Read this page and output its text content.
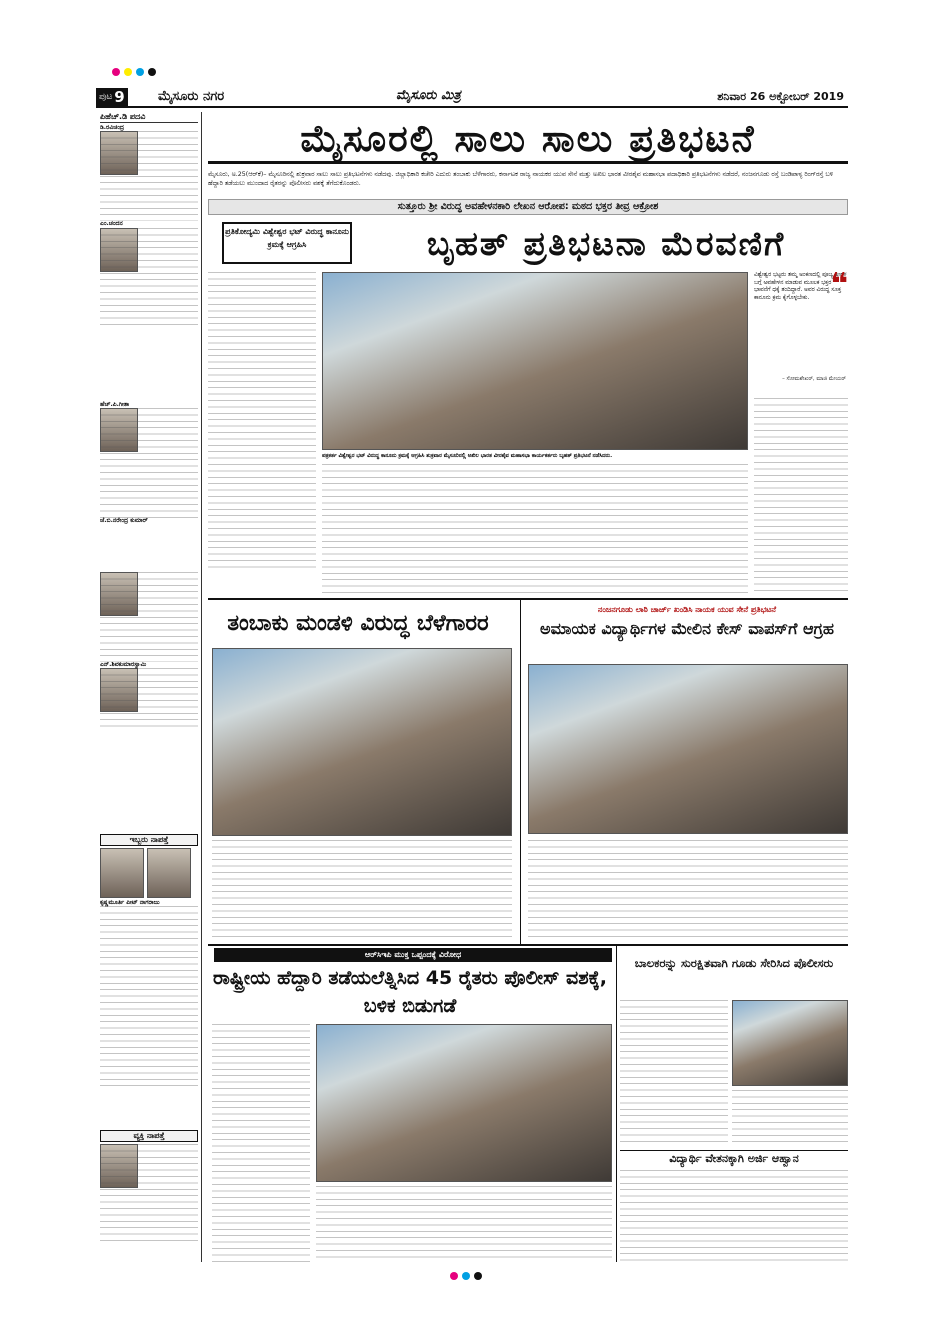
ಪುಟ 9	ಮೈಸೂರು ನಗರ	ಮೈಸೂರು ಮಿತ್ರ	ಶನಿವಾರ 26 ಅಕ್ಟೋಬರ್ 2019
ಪಿಹೆಚ್.ಡಿ ಪದವಿ
ಡಿ.ರವಿಚಂದ್ರ
ಎಂ.ಚಂದನ
ಹೆಚ್.ಪಿ.ಗೀತಾ
ಜೆ.ಬಿ.ನರೇಂದ್ರ ಕುಮಾರ್
ಎನ್.ಶಿವಕುಮಾರಸ್ವಾಮಿ
ಇಬ್ಬರು ನಾಪತ್ತೆ
ಕೃಷ್ಣಮೂರ್ತಿ ಪೀಟ್ ನಾಗರಾಜು
ವ್ಯಕ್ತಿ ನಾಪತ್ತೆ
ಮೈಸೂರಲ್ಲಿ ಸಾಲು ಸಾಲು ಪ್ರತಿಭಟನೆ
ಮೈಸೂರು, ಅ.25(ಆರ್‌ಕೆ)– ಮೈಸೂರಿನಲ್ಲಿ ಶುಕ್ರವಾರ ಸಾಲು ಸಾಲು ಪ್ರತಿಭಟನೆಗಳು ನಡೆದವು. ಜಿಲ್ಲಾಧಿಕಾರಿ ಕಚೇರಿ ಎದುರು ತಂಬಾಕು ಬೆಳೆಗಾರರು, ಕರ್ನಾಟಕ ರಾಜ್ಯ ನಾಯಕರ ಯುವ ಸೇನೆ ಮತ್ತು ಅಖಿಲ ಭಾರತ ವೀರಶೈವ ಮಹಾಸಭಾ ಪದಾಧಿಕಾರಿ ಪ್ರತಿಭಟನೆಗಳು ನಡೆದರೆ, ನಂಜನಗೂಡು ರಸ್ತೆ ಬಂಡಿಪಾಳ್ಯ ರಿಂಗ್‌ರಸ್ತೆ ಬಳಿ ಹೆದ್ದಾರಿ ತಡೆಯಲು ಮುಂದಾದ ರೈತರನ್ನು ಪೊಲೀಸರು ವಶಕ್ಕೆ ತೆಗೆದುಕೊಂಡರು.
ಸುತ್ತೂರು ಶ್ರೀ ವಿರುದ್ಧ ಅವಹೇಳನಕಾರಿ ಲೇಖನ ಆರೋಪ: ಮಠದ ಭಕ್ತರ ತೀವ್ರ ಆಕ್ರೋಶ
ಪ್ರತಿಕೋದ್ಯಮಿ ವಿಶ್ವೇಶ್ವರ ಭಟ್ ವಿರುದ್ಧ ಕಾನೂನು ಕ್ರಮಕ್ಕೆ ಆಗ್ರಹಿಸಿ	ಬೃಹತ್ ಪ್ರತಿಭಟನಾ ಮೆರವಣಿಗೆ
ಪತ್ರಕರ್ತ ವಿಶ್ವೇಶ್ವರ ಭಟ್ ವಿರುದ್ಧ ಕಾನೂನು ಕ್ರಮಕ್ಕೆ ಆಗ್ರಹಿಸಿ ಶುಕ್ರವಾರ ಮೈಸೂರಿನಲ್ಲಿ ಅಖಿಲ ಭಾರತ ವೀರಶೈವ ಮಹಾಸಭಾ ಕಾರ್ಯಕರ್ತರು ಬೃಹತ್ ಪ್ರತಿಭಟನೆ ನಡೆಸಿದರು.
❝
ವಿಶ್ವೇಶ್ವರ ಭಟ್ಟರು ತಮ್ಮ ಅಂಕಣದಲ್ಲಿ ಪೂಜ್ಯ ಶ್ರೀಗಳ ಬಗ್ಗೆ ಅವಹೇಳನ ಮಾಡುವ ಮೂಲಕ ಭಕ್ತರ ಭಾವನೆಗೆ ಧಕ್ಕೆ ತಂದಿದ್ದಾರೆ. ಅವರ ವಿರುದ್ಧ ಸೂಕ್ತ ಕಾನೂನು ಕ್ರಮ ಕೈಗೊಳ್ಳಬೇಕು.
– ಸೋಮಶೇಖರ್, ಮಾಜಿ ಮೇಯರ್
ತಂಬಾಕು ಮಂಡಳಿ ವಿರುದ್ಧ ಬೆಳೆಗಾರರ
ನಂಜನಗೂಡು ಲಾಠಿ ಚಾರ್ಜ್ ಖಂಡಿಸಿ ನಾಯಕ ಯುವ ಸೇನೆ ಪ್ರತಿಭಟನೆ
ಅಮಾಯಕ ವಿದ್ಯಾರ್ಥಿಗಳ ಮೇಲಿನ ಕೇಸ್ ವಾಪಸ್‌ಗೆ ಆಗ್ರಹ
ಆರ್‌ಸಿಇಪಿ ಮುಕ್ತ ಒಪ್ಪಂದಕ್ಕೆ ವಿರೋಧ
ರಾಷ್ಟ್ರೀಯ ಹೆದ್ದಾರಿ ತಡೆಯಲೆತ್ನಿಸಿದ 45 ರೈತರು ಪೊಲೀಸ್ ವಶಕ್ಕೆ, ಬಳಿಕ ಬಿಡುಗಡೆ
ಬಾಲಕರನ್ನು ಸುರಕ್ಷಿತವಾಗಿ ಗೂಡು ಸೇರಿಸಿದ ಪೊಲೀಸರು
ವಿದ್ಯಾರ್ಥಿ ವೇತನಕ್ಕಾಗಿ ಅರ್ಜಿ ಆಹ್ವಾನ
